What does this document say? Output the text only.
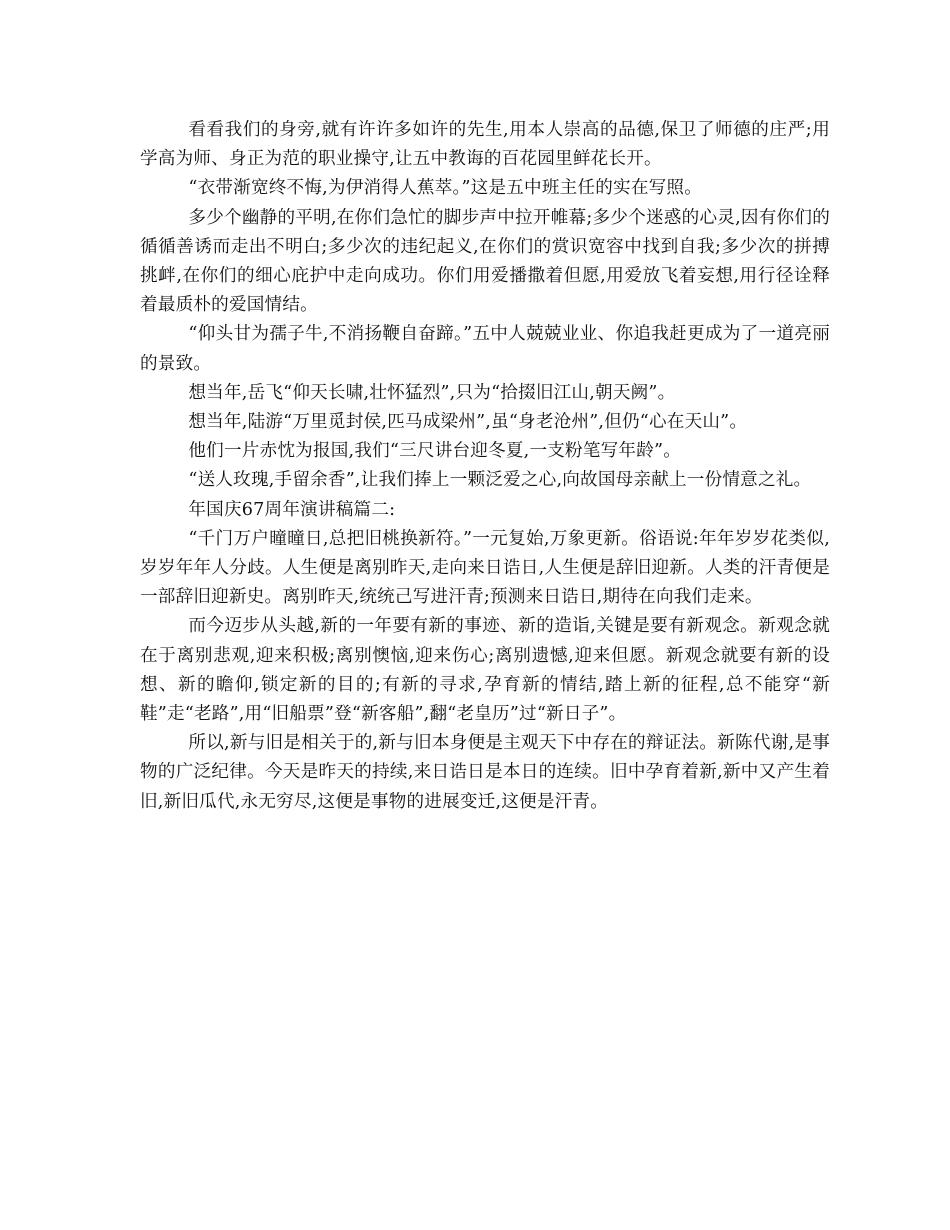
看看我们的身旁,就有许许多如许的先生,用本人崇高的品德,保卫了师德的庄严;用学高为师、身正为范的职业操守,让五中教诲的百花园里鲜花长开。

“衣带渐宽终不悔,为伊消得人蕉萃。”这是五中班主任的实在写照。

多少个幽静的平明,在你们急忙的脚步声中拉开帷幕;多少个迷惑的心灵,因有你们的循循善诱而走出不明白;多少次的违纪起义,在你们的赏识宽容中找到自我;多少次的拼搏挑衅,在你们的细心庇护中走向成功。你们用爱播撒着但愿,用爱放飞着妄想,用行径诠释着最质朴的爱国情结。

“仰头甘为孺子牛,不消扬鞭自奋蹄。”五中人兢兢业业、你追我赶更成为了一道亮丽的景致。

想当年,岳飞“仰天长啸,壮怀猛烈”,只为“拾掇旧江山,朝天阙”。

想当年,陆游“万里觅封侯,匹马成梁州”,虽“身老沧州”,但仍“心在天山”。

他们一片赤忱为报国,我们“三尺讲台迎冬夏,一支粉笔写年龄”。

“送人玫瑰,手留余香”,让我们捧上一颗泛爱之心,向故国母亲献上一份情意之礼。

年国庆67周年演讲稿篇二:

“千门万户曈曈日,总把旧桃换新符。”一元复始,万象更新。俗语说:年年岁岁花类似,岁岁年年人分歧。人生便是离别昨天,走向来日诰日,人生便是辞旧迎新。人类的汗青便是一部辞旧迎新史。离别昨天,统统己写进汗青;预测来日诰日,期待在向我们走来。

而今迈步从头越,新的一年要有新的事迹、新的造诣,关键是要有新观念。新观念就在于离别悲观,迎来积极;离别懊恼,迎来伤心;离别遗憾,迎来但愿。新观念就要有新的设想、新的瞻仰,锁定新的目的;有新的寻求,孕育新的情结,踏上新的征程,总不能穿“新鞋”走“老路”,用“旧船票”登“新客船”,翻“老皇历”过“新日子”。

所以,新与旧是相关于的,新与旧本身便是主观天下中存在的辩证法。新陈代谢,是事物的广泛纪律。今天是昨天的持续,来日诰日是本日的连续。旧中孕育着新,新中又产生着旧,新旧瓜代,永无穷尽,这便是事物的进展变迁,这便是汗青。
